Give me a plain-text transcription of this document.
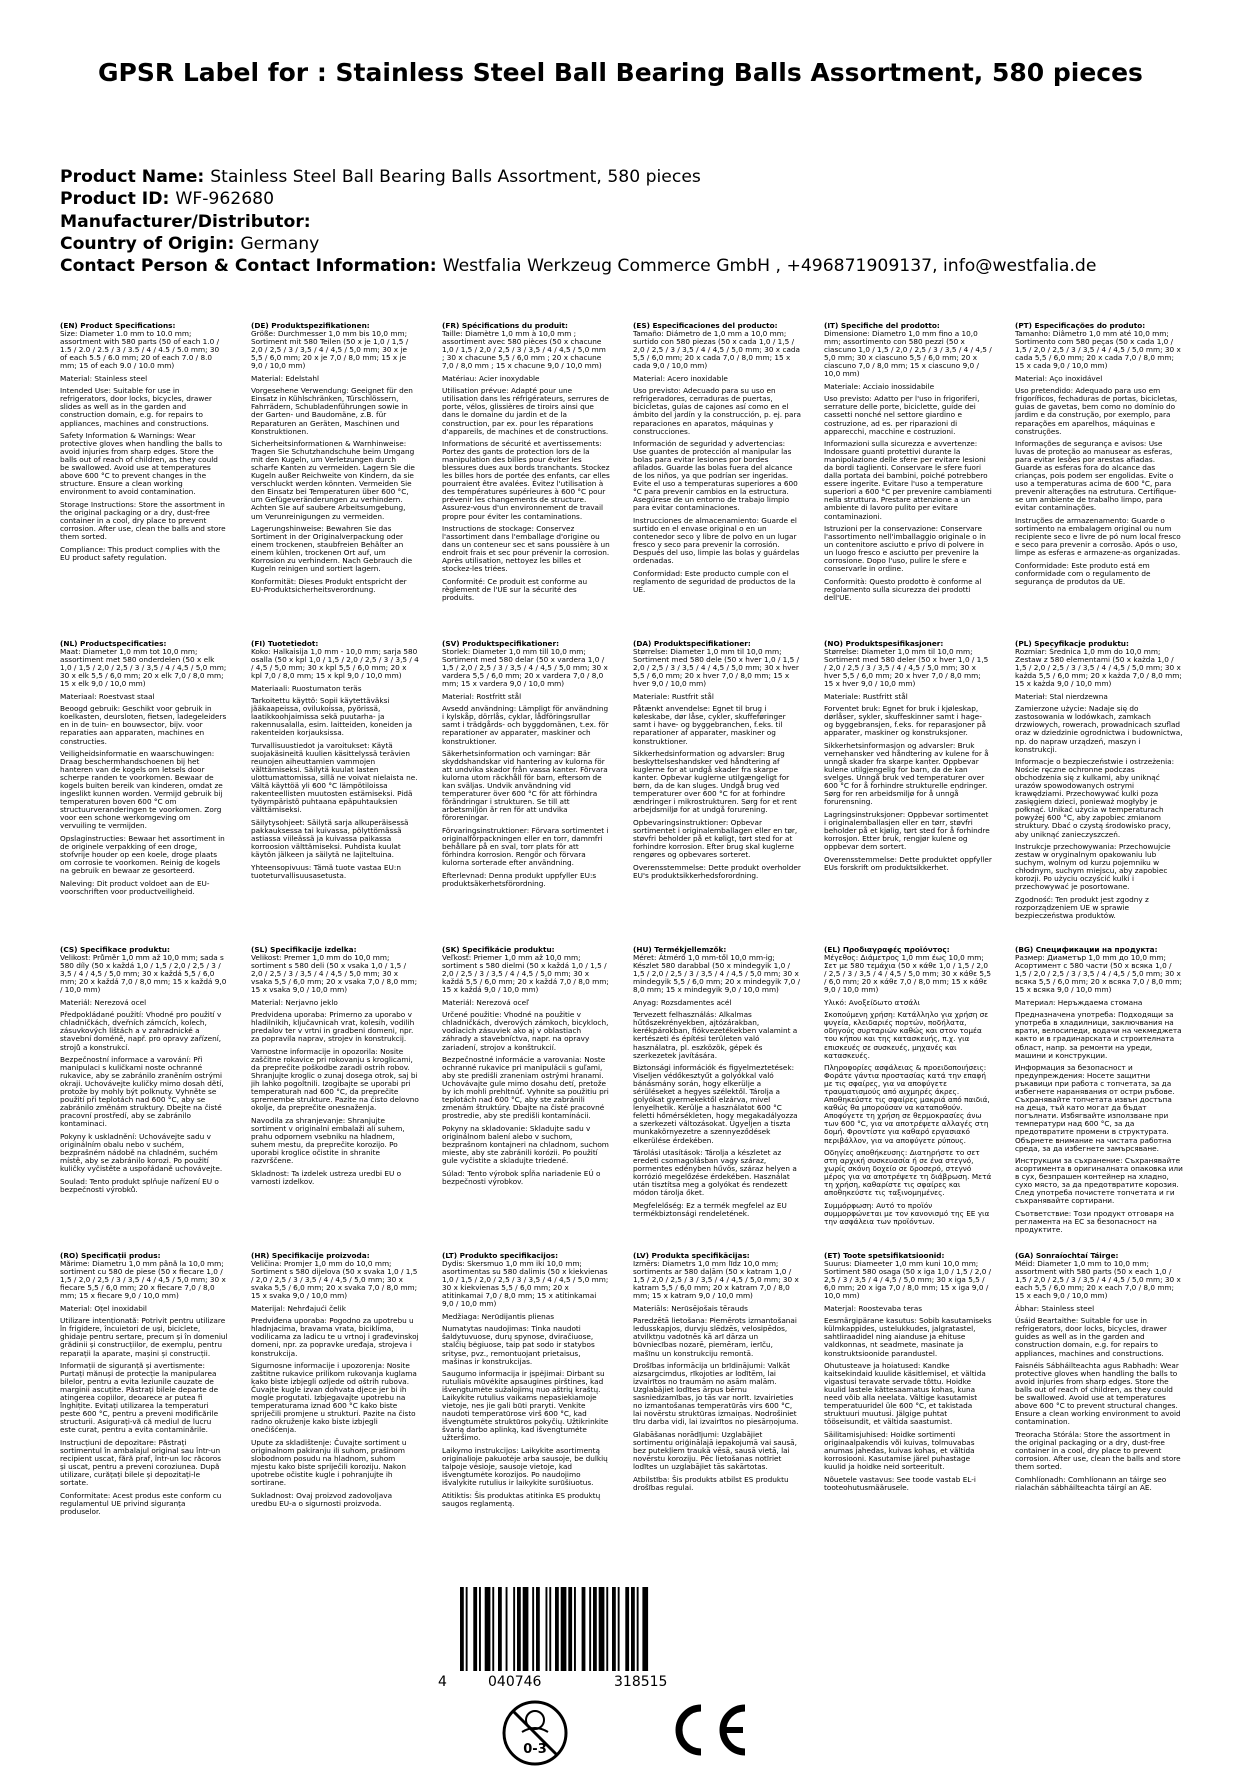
GPSR Label for : Stainless Steel Ball Bearing Balls Assortment, 580 pieces
Product Name: Stainless Steel Ball Bearing Balls Assortment, 580 pieces
Product ID: WF-962680
Manufacturer/Distributor:
Country of Origin: Germany
Contact Person & Contact Information: Westfalia Werkzeug Commerce GmbH , +496871909137, info@westfalia.de

(EN) Product Specifications:
Size: Diameter 1.0 mm to 10.0 mm; assortment with 580 parts (50 of each 1.0 / 1.5 / 2.0 / 2.5 / 3 / 3.5 / 4 / 4.5 / 5.0 mm; 30 of each 5.5 / 6.0 mm; 20 of each 7.0 / 8.0 mm; 15 of each 9.0 / 10.0 mm)

Material: Stainless steel

Intended Use: Suitable for use in refrigerators, door locks, bicycles, drawer slides as well as in the garden and construction domain, e.g. for repairs to appliances, machines and constructions.

Safety Information & Warnings: Wear protective gloves when handling the balls to avoid injuries from sharp edges. Store the balls out of reach of children, as they could be swallowed. Avoid use at temperatures above 600 °C to prevent changes in the structure. Ensure a clean working environment to avoid contamination.

Storage Instructions: Store the assortment in the original packaging or a dry, dust-free container in a cool, dry place to prevent corrosion. After use, clean the balls and store them sorted.

Compliance: This product complies with the EU product safety regulation.

(DE) Produktspezifikationen:
Größe: Durchmesser 1,0 mm bis 10,0 mm; Sortiment mit 580 Teilen (50 x je 1,0 / 1,5 / 2,0 / 2,5 / 3 / 3,5 / 4 / 4,5 / 5,0 mm; 30 x je 5,5 / 6,0 mm; 20 x je 7,0 / 8,0 mm; 15 x je 9,0 / 10,0 mm)

Material: Edelstahl

Vorgesehene Verwendung: Geeignet für den Einsatz in Kühlschränken, Türschlössern, Fahrrädern, Schubladenführungen sowie in der Garten- und Baudomäne, z.B. für Reparaturen an Geräten, Maschinen und Konstruktionen.

Sicherheitsinformationen & Warnhinweise: Tragen Sie Schutzhandschuhe beim Umgang mit den Kugeln, um Verletzungen durch scharfe Kanten zu vermeiden. Lagern Sie die Kugeln außer Reichweite von Kindern, da sie verschluckt werden könnten. Vermeiden Sie den Einsatz bei Temperaturen über 600 °C, um Gefügeveränderungen zu verhindern. Achten Sie auf saubere Arbeitsumgebung, um Verunreinigungen zu vermeiden.

Lagerungshinweise: Bewahren Sie das Sortiment in der Originalverpackung oder einem trockenen, staubfreien Behälter an einem kühlen, trockenen Ort auf, um Korrosion zu verhindern. Nach Gebrauch die Kugeln reinigen und sortiert lagern.

Konformität: Dieses Produkt entspricht der EU-Produktsicherheitsverordnung.

(FR) Spécifications du produit:
Taille: Diamètre 1,0 mm à 10,0 mm ; assortiment avec 580 pièces (50 x chacune 1,0 / 1,5 / 2,0 / 2,5 / 3 / 3,5 / 4 / 4,5 / 5,0 mm ; 30 x chacune 5,5 / 6,0 mm ; 20 x chacune 7,0 / 8,0 mm ; 15 x chacune 9,0 / 10,0 mm)

Matériau: Acier inoxydable

Utilisation prévue: Adapté pour une utilisation dans les réfrigérateurs, serrures de porte, vélos, glissières de tiroirs ainsi que dans le domaine du jardin et de la construction, par ex. pour les réparations d'appareils, de machines et de constructions.

Informations de sécurité et avertissements: Portez des gants de protection lors de la manipulation des billes pour éviter les blessures dues aux bords tranchants. Stockez les billes hors de portée des enfants, car elles pourraient être avalées. Évitez l'utilisation à des températures supérieures à 600 °C pour prévenir les changements de structure. Assurez-vous d'un environnement de travail propre pour éviter les contaminations.

Instructions de stockage: Conservez l'assortiment dans l'emballage d'origine ou dans un conteneur sec et sans poussière à un endroit frais et sec pour prévenir la corrosion. Après utilisation, nettoyez les billes et stockez-les triées.

Conformité: Ce produit est conforme au règlement de l'UE sur la sécurité des produits.

(ES) Especificaciones del producto:
Tamaño: Diámetro de 1,0 mm a 10,0 mm; surtido con 580 piezas (50 x cada 1,0 / 1,5 / 2,0 / 2,5 / 3 / 3,5 / 4 / 4,5 / 5,0 mm; 30 x cada 5,5 / 6,0 mm; 20 x cada 7,0 / 8,0 mm; 15 x cada 9,0 / 10,0 mm)

Material: Acero inoxidable

Uso previsto: Adecuado para su uso en refrigeradores, cerraduras de puertas, bicicletas, guías de cajones así como en el ámbito del jardín y la construcción, p. ej. para reparaciones en aparatos, máquinas y construcciones.

Información de seguridad y advertencias: Use guantes de protección al manipular las bolas para evitar lesiones por bordes afilados. Guarde las bolas fuera del alcance de los niños, ya que podrían ser ingeridas. Evite el uso a temperaturas superiores a 600 °C para prevenir cambios en la estructura. Asegúrese de un entorno de trabajo limpio para evitar contaminaciones.

Instrucciones de almacenamiento: Guarde el surtido en el envase original o en un contenedor seco y libre de polvo en un lugar fresco y seco para prevenir la corrosión. Después del uso, limpie las bolas y guárdelas ordenadas.

Conformidad: Este producto cumple con el reglamento de seguridad de productos de la UE.

(IT) Specifiche del prodotto:
Dimensione: Diametro 1,0 mm fino a 10,0 mm; assortimento con 580 pezzi (50 x ciascuno 1,0 / 1,5 / 2,0 / 2,5 / 3 / 3,5 / 4 / 4,5 / 5,0 mm; 30 x ciascuno 5,5 / 6,0 mm; 20 x ciascuno 7,0 / 8,0 mm; 15 x ciascuno 9,0 / 10,0 mm)

Materiale: Acciaio inossidabile

Uso previsto: Adatto per l'uso in frigoriferi, serrature delle porte, biciclette, guide dei cassetti nonché nel settore giardino e costruzione, ad es. per riparazioni di apparecchi, macchine e costruzioni.

Informazioni sulla sicurezza e avvertenze: Indossare guanti protettivi durante la manipolazione delle sfere per evitare lesioni da bordi taglienti. Conservare le sfere fuori dalla portata dei bambini, poiché potrebbero essere ingerite. Evitare l'uso a temperature superiori a 600 °C per prevenire cambiamenti nella struttura. Prestare attenzione a un ambiente di lavoro pulito per evitare contaminazioni.

Istruzioni per la conservazione: Conservare l'assortimento nell'imballaggio originale o in un contenitore asciutto e privo di polvere in un luogo fresco e asciutto per prevenire la corrosione. Dopo l'uso, pulire le sfere e conservarle in ordine.

Conformità: Questo prodotto è conforme al regolamento sulla sicurezza dei prodotti dell'UE.

(PT) Especificações do produto:
Tamanho: Diâmetro 1,0 mm até 10,0 mm; Sortimento com 580 peças (50 x cada 1,0 / 1,5 / 2,0 / 2,5 / 3 / 3,5 / 4 / 4,5 / 5,0 mm; 30 x cada 5,5 / 6,0 mm; 20 x cada 7,0 / 8,0 mm; 15 x cada 9,0 / 10,0 mm)

Material: Aço inoxidável

Uso pretendido: Adequado para uso em frigoríficos, fechaduras de portas, bicicletas, guias de gavetas, bem como no domínio do jardim e da construção, por exemplo, para reparações em aparelhos, máquinas e construções.

Informações de segurança e avisos: Use luvas de proteção ao manusear as esferas, para evitar lesões por arestas afiadas. Guarde as esferas fora do alcance das crianças, pois podem ser engolidas. Evite o uso a temperaturas acima de 600 °C, para prevenir alterações na estrutura. Certifique-se um ambiente de trabalho limpo, para evitar contaminações.

Instruções de armazenamento: Guarde o sortimento na embalagem original ou num recipiente seco e livre de pó num local fresco e seco para prevenir a corrosão. Após o uso, limpe as esferas e armazene-as organizadas.

Conformidade: Este produto está em conformidade com o regulamento de segurança de produtos da UE.

(NL) Productspecificaties:
Maat: Diameter 1,0 mm tot 10,0 mm; assortiment met 580 onderdelen (50 x elk 1,0 / 1,5 / 2,0 / 2,5 / 3 / 3,5 / 4 / 4,5 / 5,0 mm; 30 x elk 5,5 / 6,0 mm; 20 x elk 7,0 / 8,0 mm; 15 x elk 9,0 / 10,0 mm)

Materiaal: Roestvast staal

Beoogd gebruik: Geschikt voor gebruik in koelkasten, deursloten, fietsen, ladegeleiders en in de tuin- en bouwsector, bijv. voor reparaties aan apparaten, machines en constructies.

Veiligheidsinformatie en waarschuwingen: Draag beschermhandschoenen bij het hanteren van de kogels om letsels door scherpe randen te voorkomen. Bewaar de kogels buiten bereik van kinderen, omdat ze ingeslikt kunnen worden. Vermijd gebruik bij temperaturen boven 600 °C om structuurveranderingen te voorkomen. Zorg voor een schone werkomgeving om vervuiling te vermijden.

Opslaginstructies: Bewaar het assortiment in de originele verpakking of een droge, stofvrije houder op een koele, droge plaats om corrosie te voorkomen. Reinig de kogels na gebruik en bewaar ze gesorteerd.

Naleving: Dit product voldoet aan de EU-voorschriften voor productveiligheid.

(FI) Tuotetiedot:
Koko: Halkaisija 1,0 mm - 10,0 mm; sarja 580 osalla (50 x kpl 1,0 / 1,5 / 2,0 / 2,5 / 3 / 3,5 / 4 / 4,5 / 5,0 mm; 30 x kpl 5,5 / 6,0 mm; 20 x kpl 7,0 / 8,0 mm; 15 x kpl 9,0 / 10,0 mm)

Materiaali: Ruostumaton teräs

Tarkoitettu käyttö: Sopii käytettäväksi jääkaapeissa, ovilukoissa, pyörissä, laatikkoohjaimissa sekä puutarha- ja rakennusalalla, esim. laitteiden, koneiden ja rakenteiden korjauksissa.

Turvallisuustiedot ja varoitukset: Käytä suojakäsineitä kuulien käsittelyssä terävien reunojen aiheuttamien vammojen välttämiseksi. Säilytä kuulat lasten ulottumattomissa, sillä ne voivat nielaista ne. Vältä käyttöä yli 600 °C lämpötiloissa rakenteellisten muutosten estämiseksi. Pidä työympäristö puhtaana epäpuhtauksien välttämiseksi.

Säilytysohjeet: Säilytä sarja alkuperäisessä pakkauksessa tai kuivassa, pölyttömässä astiassa viileässä ja kuivassa paikassa korroosion välttämiseksi. Puhdista kuulat käytön jälkeen ja säilytä ne lajiteltuina.

Yhteensopivuus: Tämä tuote vastaa EU:n tuoteturvallisuusasetusta.

(SV) Produktspecifikationer:
Storlek: Diameter 1,0 mm till 10,0 mm; Sortiment med 580 delar (50 x vardera 1,0 / 1,5 / 2,0 / 2,5 / 3 / 3,5 / 4 / 4,5 / 5,0 mm; 30 x vardera 5,5 / 6,0 mm; 20 x vardera 7,0 / 8,0 mm; 15 x vardera 9,0 / 10,0 mm)

Material: Rostfritt stål

Avsedd användning: Lämpligt för användning i kylskåp, dörrlås, cyklar, lådföringsrullar samt i trädgårds- och byggdomänen, t.ex. för reparationer av apparater, maskiner och konstruktioner.

Säkerhetsinformation och varningar: Bär skyddshandskar vid hantering av kulorna för att undvika skador från vassa kanter. Förvara kulorna utom räckhåll för barn, eftersom de kan sväljas. Undvik användning vid temperaturer över 600 °C för att förhindra förändringar i strukturen. Se till att arbetsmiljön är ren för att undvika föroreningar.

Förvaringsinstruktioner: Förvara sortimentet i originalförpackningen eller en torr, dammfri behållare på en sval, torr plats för att förhindra korrosion. Rengör och förvara kulorna sorterade efter användning.

Efterlevnad: Denna produkt uppfyller EU:s produktsäkerhetsförordning.

(DA) Produktspecifikationer:
Størrelse: Diameter 1,0 mm til 10,0 mm; Sortiment med 580 dele (50 x hver 1,0 / 1,5 / 2,0 / 2,5 / 3 / 3,5 / 4 / 4,5 / 5,0 mm; 30 x hver 5,5 / 6,0 mm; 20 x hver 7,0 / 8,0 mm; 15 x hver 9,0 / 10,0 mm)

Materiale: Rustfrit stål

Påtænkt anvendelse: Egnet til brug i køleskabe, dør låse, cykler, skuffeføringer samt i have- og byggebranchen, f.eks. til reparationer af apparater, maskiner og konstruktioner.

Sikkerhedsinformation og advarsler: Brug beskyttelseshandsker ved håndtering af kuglerne for at undgå skader fra skarpe kanter. Opbevar kuglerne utilgængeligt for børn, da de kan sluges. Undgå brug ved temperaturer over 600 °C for at forhindre ændringer i mikrostrukturen. Sørg for et rent arbejdsmiljø for at undgå forurening.

Opbevaringsinstruktioner: Opbevar sortimentet i originalemballagen eller en tør, støvfri beholder på et køligt, tørt sted for at forhindre korrosion. Efter brug skal kuglerne rengøres og opbevares sorteret.

Overensstemmelse: Dette produkt overholder EU's produktsikkerhedsforordning.

(NO) Produktspesifikasjoner:
Størrelse: Diameter 1,0 mm til 10,0 mm; Sortiment med 580 deler (50 x hver 1,0 / 1,5 / 2,0 / 2,5 / 3 / 3,5 / 4 / 4,5 / 5,0 mm; 30 x hver 5,5 / 6,0 mm; 20 x hver 7,0 / 8,0 mm; 15 x hver 9,0 / 10,0 mm)

Materiale: Rustfritt stål

Forventet bruk: Egnet for bruk i kjøleskap, dørlåser, sykler, skuffeskinner samt i hage- og byggebransjen, f.eks. for reparasjoner på apparater, maskiner og konstruksjoner.

Sikkerhetsinformasjon og advarsler: Bruk vernehansker ved håndtering av kulene for å unngå skader fra skarpe kanter. Oppbevar kulene utilgjengelig for barn, da de kan svelges. Unngå bruk ved temperaturer over 600 °C for å forhindre strukturelle endringer. Sørg for ren arbeidsmiljø for å unngå forurensning.

Lagringsinstruksjoner: Oppbevar sortimentet i originalemballasjen eller en tørr, støvfri beholder på et kjølig, tørt sted for å forhindre korrosjon. Etter bruk, rengjør kulene og oppbevar dem sortert.

Overensstemmelse: Dette produktet oppfyller EUs forskrift om produktsikkerhet.

(PL) Specyfikacje produktu:
Rozmiar: Średnica 1,0 mm do 10,0 mm; Zestaw z 580 elementami (50 x każda 1,0 / 1,5 / 2,0 / 2,5 / 3 / 3,5 / 4 / 4,5 / 5,0 mm; 30 x każda 5,5 / 6,0 mm; 20 x każda 7,0 / 8,0 mm; 15 x każda 9,0 / 10,0 mm)

Materiał: Stal nierdzewna

Zamierzone użycie: Nadaje się do zastosowania w lodówkach, zamkach drzwiowych, rowerach, prowadnicach szuflad oraz w dziedzinie ogrodnictwa i budownictwa, np. do napraw urządzeń, maszyn i konstrukcji.

Informacje o bezpieczeństwie i ostrzeżenia: Noście ręczne ochronne podczas obchodzenia się z kulkami, aby uniknąć urazów spowodowanych ostrymi krawędziami. Przechowywać kulki poza zasięgiem dzieci, ponieważ mogłyby je połknąć. Unikać użycia w temperaturach powyżej 600 °C, aby zapobiec zmianom struktury. Dbać o czystą środowisko pracy, aby uniknąć zanieczyszczeń.

Instrukcje przechowywania: Przechowujcie zestaw w oryginalnym opakowaniu lub suchym, wolnym od kurzu pojemniku w chłodnym, suchym miejscu, aby zapobiec korozji. Po użyciu oczyścić kulki i przechowywać je posortowane.

Zgodność: Ten produkt jest zgodny z rozporządzeniem UE w sprawie bezpieczeństwa produktów.

(CS) Specifikace produktu:
Velikost: Průměr 1,0 mm až 10,0 mm; sada s 580 díly (50 x každá 1,0 / 1,5 / 2,0 / 2,5 / 3 / 3,5 / 4 / 4,5 / 5,0 mm; 30 x každá 5,5 / 6,0 mm; 20 x každá 7,0 / 8,0 mm; 15 x každá 9,0 / 10,0 mm)

Materiál: Nerezová ocel

Předpokládané použití: Vhodné pro použití v chladničkách, dveřních zámcích, kolech, zásuvkových lištách a v zahradnické a stavební doméně, např. pro opravy zařízení, strojů a konstrukcí.

Bezpečnostní informace a varování: Při manipulaci s kuličkami noste ochranné rukavice, aby se zabránilo zraněním ostrými okraji. Uchovávejte kuličky mimo dosah dětí, protože by mohly být polknuty. Vyhněte se použití při teplotách nad 600 °C, aby se zabránilo změnám struktury. Dbejte na čisté pracovní prostředí, aby se zabránilo kontaminaci.

Pokyny k uskladnění: Uchovávejte sadu v originálním obalu nebo v suchém, bezprašném nádobě na chladném, suchém místě, aby se zabránilo korozi. Po použití kuličky vyčistěte a uspořádaně uchovávejte.

Soulad: Tento produkt splňuje nařízení EU o bezpečnosti výrobků.

(SL) Specifikacije izdelka:
Velikost: Premer 1,0 mm do 10,0 mm; sortiment s 580 deli (50 x vsaka 1,0 / 1,5 / 2,0 / 2,5 / 3 / 3,5 / 4 / 4,5 / 5,0 mm; 30 x vsaka 5,5 / 6,0 mm; 20 x vsaka 7,0 / 8,0 mm; 15 x vsaka 9,0 / 10,0 mm)

Material: Nerjavno jeklo

Predvidena uporaba: Primerno za uporabo v hladilnikih, ključavnicah vrat, kolesih, vodilih predalov ter v vrtni in gradbeni domeni, npr. za popravila naprav, strojev in konstrukcij.

Varnostne informacije in opozorila: Nosite zaščitne rokavice pri rokovanju s kroglicami, da preprečite poškodbe zaradi ostrih robov. Shranjujte kroglic o zunaj dosega otrok, saj bi jih lahko pogoltnili. Izogibajte se uporabi pri temperaturah nad 600 °C, da preprečite spremembe strukture. Pazite na čisto delovno okolje, da preprečite onesnaženja.

Navodila za shranjevanje: Shranjujte sortiment v originalni embalaži ali suhem, prahu odpornem vsebniku na hladnem, suhem mestu, da preprečite korozijo. Po uporabi kroglice očistite in shranite razvrščene.

Skladnost: Ta izdelek ustreza uredbi EU o varnosti izdelkov.

(SK) Špecifikácie produktu:
Veľkosť: Priemer 1,0 mm až 10,0 mm; sortiment s 580 dielmi (50 x každá 1,0 / 1,5 / 2,0 / 2,5 / 3 / 3,5 / 4 / 4,5 / 5,0 mm; 30 x každá 5,5 / 6,0 mm; 20 x každá 7,0 / 8,0 mm; 15 x každá 9,0 / 10,0 mm)

Materiál: Nerezová oceľ

Určené použitie: Vhodné na použitie v chladničkách, dverových zámkoch, bicykloch, vodiacich zásuviek ako aj v oblastiach záhrady a stavebníctva, napr. na opravy zariadení, strojov a konštrukcií.

Bezpečnostné informácie a varovania: Noste ochranné rukavice pri manipulácii s guľami, aby ste predišli zraneniam ostrými hranami. Uchovávajte gule mimo dosahu detí, pretože by ich mohli prehltnúť. Vyhnite sa použitiu pri teplotách nad 600 °C, aby ste zabránili zmenám štruktúry. Dbajte na čisté pracovné prostredie, aby ste predišli kontaminácii.

Pokyny na skladovanie: Skladujte sadu v originálnom balení alebo v suchom, bezprašnom kontajneri na chladnom, suchom mieste, aby ste zabránili korózii. Po použití gule vyčistite a skladujte triedené.

Súlad: Tento výrobok spĺňa nariadenie EÚ o bezpečnosti výrobkov.

(HU) Termékjellemzők:
Méret: Átmérő 1,0 mm-től 10,0 mm-ig; Készlet 580 darabbal (50 x mindegyik 1,0 / 1,5 / 2,0 / 2,5 / 3 / 3,5 / 4 / 4,5 / 5,0 mm; 30 x mindegyik 5,5 / 6,0 mm; 20 x mindegyik 7,0 / 8,0 mm; 15 x mindegyik 9,0 / 10,0 mm)

Anyag: Rozsdamentes acél

Tervezett felhasználás: Alkalmas hűtőszekrényekben, ajtózárakban, kerékpárokban, fiókvezetékekben valamint a kertészeti és építési területen való használatra, pl. eszközök, gépek és szerkezetek javítására.

Biztonsági információk és figyelmeztetések: Viseljen védőkesztyűt a golyókkal való bánásmány során, hogy elkerülje a sérüléseket a hegyes szélektől. Tárolja a golyókat gyermekektől elzárva, mivel lenyelhetik. Kerülje a használatot 600 °C feletti hőmérsékleten, hogy megakadályozza a szerkezeti változásokat. Ügyeljen a tiszta munkakörnyezetre a szennyeződések elkerülése érdekében.

Tárolási utasítások: Tárolja a készletet az eredeti csomagolásban vagy száraz, pormentes edényben hűvös, száraz helyen a korrózió megelőzése érdekében. Használat után tisztítsa meg a golyókat és rendezett módon tárolja őket.

Megfelelőség: Ez a termék megfelel az EU termékbiztonsági rendeletének.

(EL) Προδιαγραφές προϊόντος:
Μέγεθος: Διάμετρος 1,0 mm έως 10,0 mm; Σετ με 580 τεμάχια (50 x κάθε 1,0 / 1,5 / 2,0 / 2,5 / 3 / 3,5 / 4 / 4,5 / 5,0 mm; 30 x κάθε 5,5 / 6,0 mm; 20 x κάθε 7,0 / 8,0 mm; 15 x κάθε 9,0 / 10,0 mm)

Υλικό: Ανοξείδωτο ατσάλι

Σκοπούμενη χρήση: Κατάλληλο για χρήση σε ψυγεία, κλειδαριές πορτών, ποδήλατα, οδηγούς συρταριών καθώς και στον τομέα του κήπου και της κατασκευής, π.χ. για επισκευές σε συσκευές, μηχανές και κατασκευές.

Πληροφορίες ασφάλειας & προειδοποιήσεις: Φοράτε γάντια προστασίας κατά την επαφή με τις σφαίρες, για να αποφύγετε τραυματισμούς από αιχμηρές άκρες. Αποθηκεύστε τις σφαίρες μακριά από παιδιά, καθώς θα μπορούσαν να καταποθούν. Αποφύγετε τη χρήση σε θερμοκρασίες άνω των 600 °C, για να αποτρέψετε αλλαγές στη δομή. Φροντίστε για καθαρό εργασιακό περιβάλλον, για να αποφύγετε ρύπους.

Οδηγίες αποθήκευσης: Διατηρήστε το σετ στη αρχική συσκευασία ή σε ένα στεγνό, χωρίς σκόνη δοχείο σε δροσερό, στεγνό μέρος για να αποτρέψετε τη διάβρωση. Μετά τη χρήση, καθαρίστε τις σφαίρες και αποθηκεύστε τις ταξινομημένες.

Συμμόρφωση: Αυτό το προϊόν συμμορφώνεται με τον κανονισμό της ΕΕ για την ασφάλεια των προϊόντων.

(BG) Спецификации на продукта:
Размер: Диаметър 1,0 mm до 10,0 mm; Асортимент с 580 части (50 x всяка 1,0 / 1,5 / 2,0 / 2,5 / 3 / 3,5 / 4 / 4,5 / 5,0 mm; 30 x всяка 5,5 / 6,0 mm; 20 x всяка 7,0 / 8,0 mm; 15 x всяка 9,0 / 10,0 mm)

Материал: Неръждаема стомана

Предназначена употреба: Подходящи за употреба в хладилници, заключвания на врати, велосипеди, водачи на чекмеджета както и в градинарската и строителната област, напр. за ремонти на уреди, машини и конструкции.

Информация за безопасност и предупреждения: Носете защитни ръкавици при работа с топчетата, за да избегнете наранявания от остри ръбове. Съхранявайте топчетата извън достъпа на деца, тъй като могат да бъдат погълнати. Избягвайте използване при температури над 600 °C, за да предотвратите промени в структурата. Обърнете внимание на чистата работна среда, за да избегнете замърсяване.

Инструкции за съхранение: Съхранявайте асортимента в оригиналната опаковка или в сух, безпрашен контейнер на хладно, сухо място, за да предотвратите корозия. След употреба почистете топчетата и ги съхранявайте сортирани.

Съответствие: Този продукт отговаря на регламента на ЕС за безопасност на продуктите.

(RO) Specificații produs:
Mărime: Diametru 1,0 mm până la 10,0 mm; sortiment cu 580 de piese (50 x fiecare 1,0 / 1,5 / 2,0 / 2,5 / 3 / 3,5 / 4 / 4,5 / 5,0 mm; 30 x fiecare 5,5 / 6,0 mm; 20 x fiecare 7,0 / 8,0 mm; 15 x fiecare 9,0 / 10,0 mm)

Material: Oțel inoxidabil

Utilizare intenționată: Potrivit pentru utilizare în frigidere, încuietori de uși, biciclete, ghidaje pentru sertare, precum și în domeniul grădinii și construcțiilor, de exemplu, pentru reparații la aparate, mașini și construcții.

Informații de siguranță și avertismente: Purtați mănuși de protecție la manipularea bilelor, pentru a evita leziunile cauzate de marginii ascuțite. Păstrați bilele departe de atingerea copiilor, deoarece ar putea fi înghițite. Evitați utilizarea la temperaturi peste 600 °C, pentru a preveni modificările structurii. Asigurați-vă că mediul de lucru este curat, pentru a evita contaminările.

Instrucțiuni de depozitare: Păstrați sortimentul în ambalajul original sau într-un recipient uscat, fără praf, într-un loc răcoros și uscat, pentru a preveni coroziunea. După utilizare, curățați bilele și depozitați-le sortate.

Conformitate: Acest produs este conform cu regulamentul UE privind siguranța produselor.

(HR) Specifikacije proizvoda:
Veličina: Promjer 1,0 mm do 10,0 mm; Sortiment s 580 dijelova (50 x svaka 1,0 / 1,5 / 2,0 / 2,5 / 3 / 3,5 / 4 / 4,5 / 5,0 mm; 30 x svaka 5,5 / 6,0 mm; 20 x svaka 7,0 / 8,0 mm; 15 x svaka 9,0 / 10,0 mm)

Materijal: Nehrđajući čelik

Predviđena uporaba: Pogodno za upotrebu u hladnjacima, bravama vrata, biciklima, vodilicama za ladicu te u vrtnoj i građevinskoj domeni, npr. za popravke uređaja, strojeva i konstrukcija.

Sigurnosne informacije i upozorenja: Nosite zaštitne rukavice prilikom rukovanja kuglama kako biste izbjegli ozljede od oštrih rubova. Čuvajte kugle izvan dohvata djece jer bi ih mogle progutati. Izbjegavajte upotrebu na temperaturama iznad 600 °C kako biste spriječili promjene u strukturi. Pazite na čisto radno okruženje kako biste izbjegli onečišćenja.

Upute za skladištenje: Čuvajte sortiment u originalnom pakiranju ili suhom, prašinom slobodnom posudu na hladnom, suhom mjestu kako biste spriječili koroziju. Nakon upotrebe očistite kugle i pohranjujte ih sortirane.

Sukladnost: Ovaj proizvod zadovoljava uredbu EU-a o sigurnosti proizvoda.

(LT) Produkto specifikacijos:
Dydis: Skersmuo 1,0 mm iki 10,0 mm; asortimentas su 580 dalimis (50 x kiekvienas 1,0 / 1,5 / 2,0 / 2,5 / 3 / 3,5 / 4 / 4,5 / 5,0 mm; 30 x kiekvienas 5,5 / 6,0 mm; 20 x atitinkamai 7,0 / 8,0 mm; 15 x atitinkamai 9,0 / 10,0 mm)

Medžiaga: Nerūdijantis plienas

Numatytas naudojimas: Tinka naudoti šaldytuvuose, durų spynose, dviračiuose, stalčių bėgiuose, taip pat sodo ir statybos srityse, pvz., remontuojant prietaisus, mašinas ir konstrukcijas.

Saugumo informacija ir įspėjimai: Dirbant su rutuliais mūvėkite apsaugines pirštines, kad išvengtumėte sužalojimų nuo aštrių kraštų. Laikykite rutulius vaikams nepasiekiamoje vietoje, nes jie gali būti praryti. Venkite naudoti temperatūrose virš 600 °C, kad išvengtumėte struktūros pokyčių. Užtikrinkite švarią darbo aplinką, kad išvengtumėte užteršimo.

Laikymo instrukcijos: Laikykite asortimentą originalioje pakuotėje arba sausoje, be dulkių talpoje vėsioje, sausoje vietoje, kad išvengtumėte korozijos. Po naudojimo išvalykite rutulius ir laikykite surūšiuotus.

Atitiktis: Šis produktas atitinka ES produktų saugos reglamentą.

(LV) Produkta specifikācijas:
Izmērs: Diametrs 1,0 mm līdz 10,0 mm; sortiments ar 580 daļām (50 x katram 1,0 / 1,5 / 2,0 / 2,5 / 3 / 3,5 / 4 / 4,5 / 5,0 mm; 30 x katram 5,5 / 6,0 mm; 20 x katram 7,0 / 8,0 mm; 15 x katram 9,0 / 10,0 mm)

Materiāls: Nerūsējošais tērauds

Paredzētā lietošana: Piemērots izmantošanai ledusskapjos, durvju slēdzēs, velosipēdos, atvilktņu vadotnēs kā arī dārza un būvniecības nozarē, piemēram, ierīču, mašīnu un konstrukciju remontā.

Drošības informācija un brīdinājumi: Valkāt aizsargcimdus, rīkojoties ar lodītēm, lai izvairītos no traumām no asām malām. Uzglabājiet lodītes ārpus bērnu sasniedzamības, jo tās var norīt. Izvairieties no izmantošanas temperatūrās virs 600 °C, lai novērstu struktūras izmaiņas. Nodrošiniet tīru darba vidi, lai izvairītos no piesārņojuma.

Glabāšanas norādījumi: Uzglabājiet sortimentu oriģinālajā iepakojumā vai sausā, bez putekļiem traukā vēsā, sausā vietā, lai novērstu koroziju. Pēc lietošanas notīriet lodītes un uzglabājiet tās sakārtotas.

Atbilstība: Šis produkts atbilst ES produktu drošības regulai.

(ET) Toote spetsifikatsioonid:
Suurus: Diameeter 1,0 mm kuni 10,0 mm; Sortiment 580 osaga (50 x iga 1,0 / 1,5 / 2,0 / 2,5 / 3 / 3,5 / 4 / 4,5 / 5,0 mm; 30 x iga 5,5 / 6,0 mm; 20 x iga 7,0 / 8,0 mm; 15 x iga 9,0 / 10,0 mm)

Materjal: Roostevaba teras

Eesmärgipärane kasutus: Sobib kasutamiseks külmkappides, ustelukkudes, jalgratastel, sahtliraadidel ning aianduse ja ehituse valdkonnas, nt seadmete, masinate ja konstruktsioonide parandustel.

Ohutusteave ja hoiatused: Kandke kaitsekindaid kuulide käsitlemisel, et vältida vigastusi teravate servade tõttu. Hoidke kuulid lastele kättesaamatus kohas, kuna need võib alla neelata. Vältige kasutamist temperatuuridel üle 600 °C, et takistada struktuuri muutusi. Jälgige puhtat tööseisundit, et vältida saastumist.

Säilitamisjuhised: Hoidke sortimenti originaalpakendis või kuivas, tolmuvabas anumas jahedas, kuivas kohas, et vältida korrosiooni. Kasutamise järel puhastage kuulid ja hoidke neid sorteeritult.

Nõuetele vastavus: See toode vastab EL-i tooteohutusmäärusele.

(GA) Sonraíochtaí Táirge:
Méid: Diameter 1,0 mm to 10,0 mm; assortment with 580 parts (50 x each 1,0 / 1,5 / 2,0 / 2,5 / 3 / 3,5 / 4 / 4,5 / 5,0 mm; 30 x each 5,5 / 6,0 mm; 20 x each 7,0 / 8,0 mm; 15 x each 9,0 / 10,0 mm)

Ábhar: Stainless steel

Úsáid Beartaithe: Suitable for use in refrigerators, door locks, bicycles, drawer guides as well as in the garden and construction domain, e.g. for repairs to appliances, machines and constructions.

Faisnéis Sábháilteachta agus Rabhadh: Wear protective gloves when handling the balls to avoid injuries from sharp edges. Store the balls out of reach of children, as they could be swallowed. Avoid use at temperatures above 600 °C to prevent structural changes. Ensure a clean working environment to avoid contamination.

Treoracha Stórála: Store the assortment in the original packaging or a dry, dust-free container in a cool, dry place to prevent corrosion. After use, clean the balls and store them sorted.

Comhlíonadh: Comhlíonann an táirge seo rialachán sábháilteachta táirgí an AE.

4	040746	318515
0-3
